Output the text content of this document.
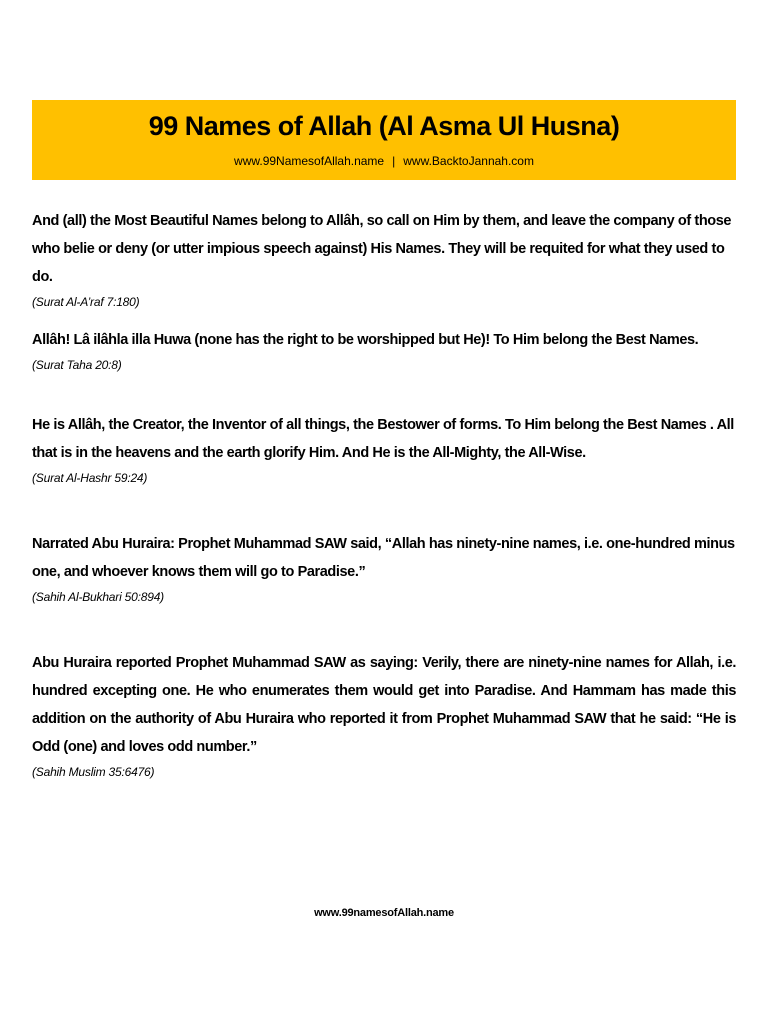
99 Names of Allah (Al Asma Ul Husna)
www.99NamesofAllah.name | www.BacktoJannah.com

And (all) the Most Beautiful Names belong to Allâh, so call on Him by them, and leave the company of those who belie or deny (or utter impious speech against) His Names. They will be requited for what they used to do.

(Surat Al-A’raf 7:180)

Allâh! Lâ ilâhla illa Huwa (none has the right to be worshipped but He)! To Him belong the Best Names.

(Surat Taha 20:8)

He is Allâh, the Creator, the Inventor of all things, the Bestower of forms. To Him belong the Best Names . All that is in the heavens and the earth glorify Him. And He is the All-Mighty, the All-Wise.

(Surat Al-Hashr 59:24)

Narrated Abu Huraira: Prophet Muhammad SAW said, “Allah has ninety-nine names, i.e. one-hundred minus one, and whoever knows them will go to Paradise.”

(Sahih Al-Bukhari 50:894)

Abu Huraira reported Prophet Muhammad SAW as saying: Verily, there are ninety-nine names for Allah, i.e. hundred excepting one. He who enumerates them would get into Paradise. And Hammam has made this addition on the authority of Abu Huraira who reported it from Prophet Muhammad SAW that he said: “He is Odd (one) and loves odd number.”

(Sahih Muslim 35:6476)

www.99namesofAllah.name
